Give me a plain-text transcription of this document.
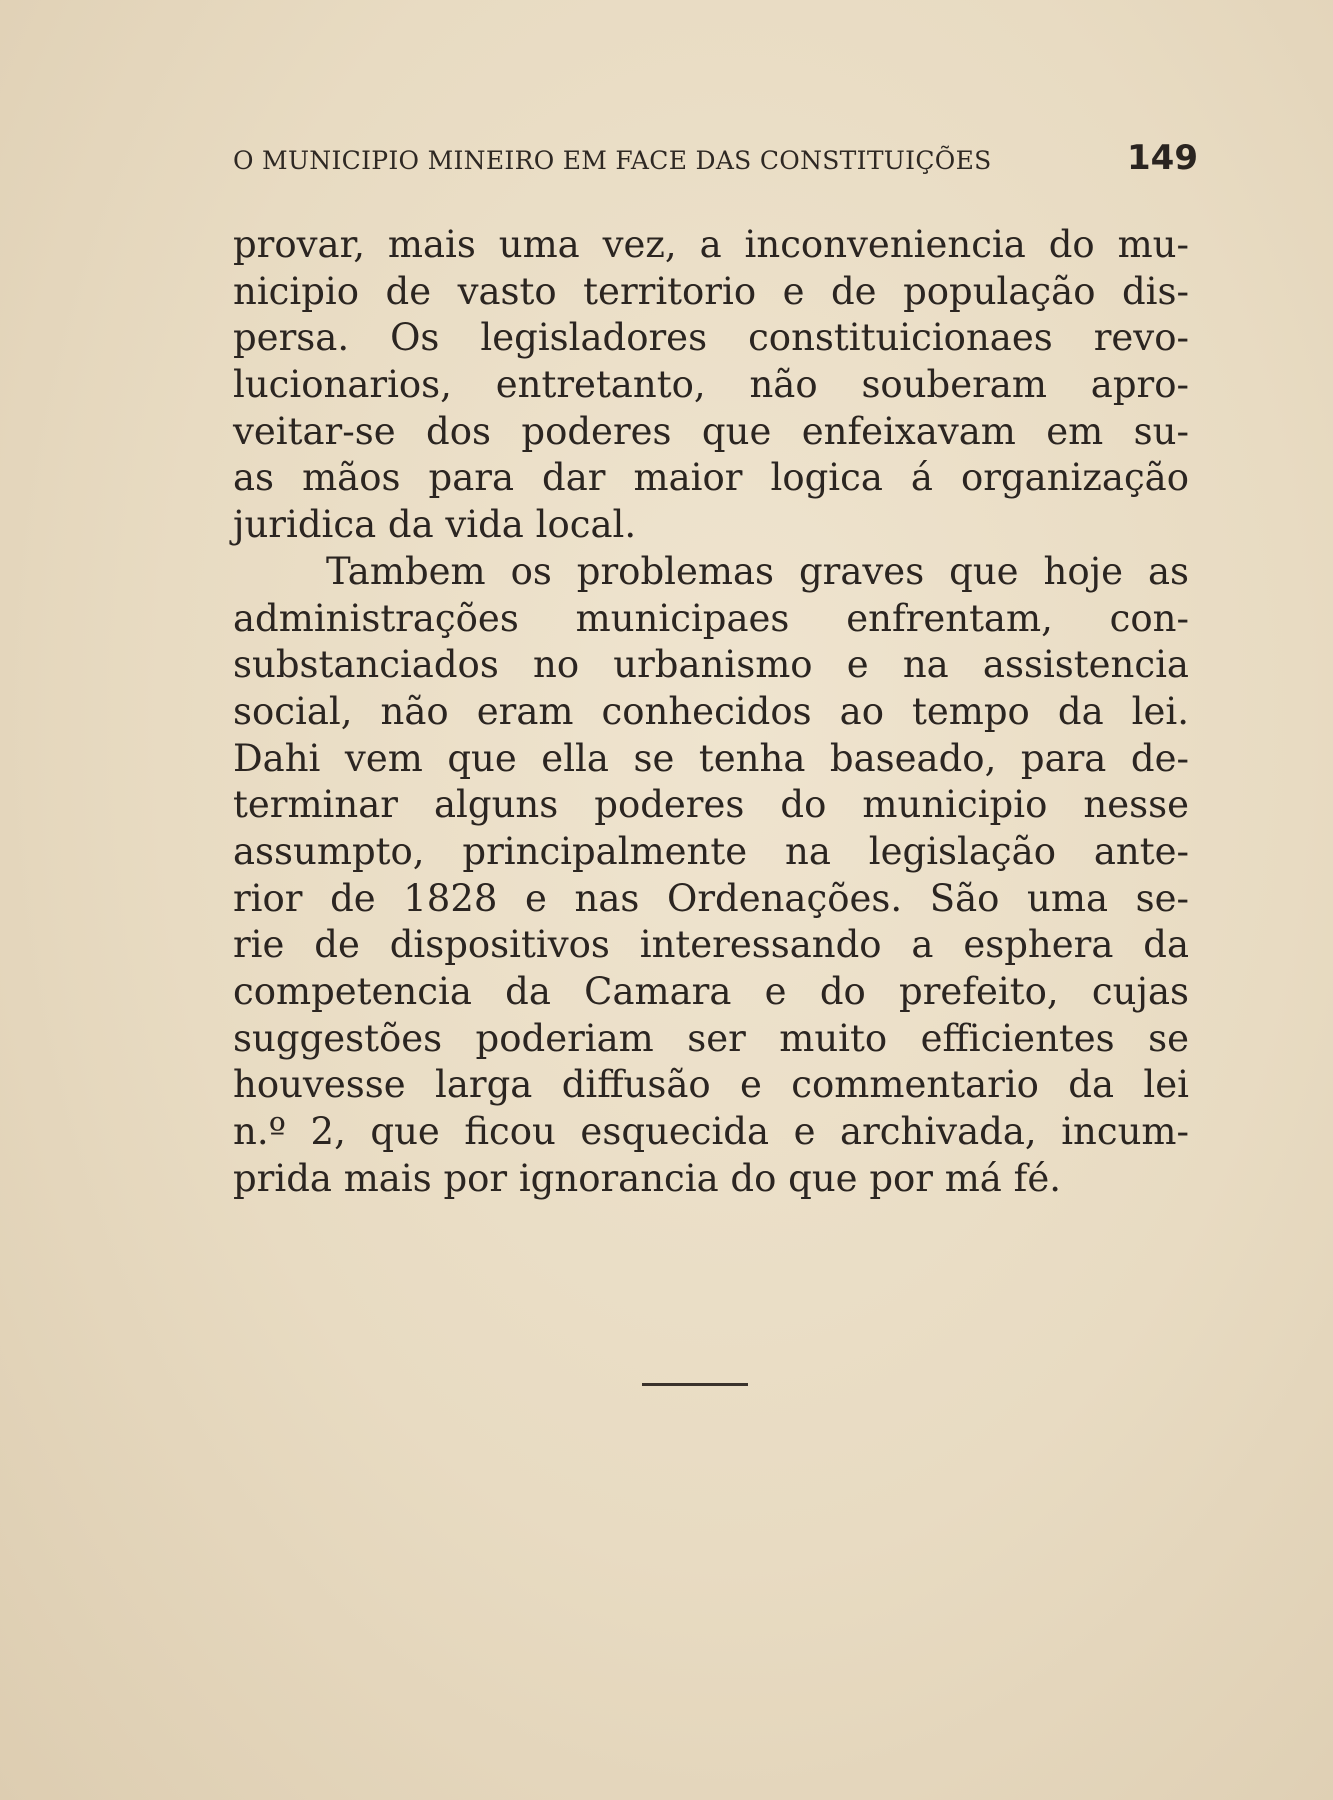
O MUNICIPIO MINEIRO EM FACE DAS CONSTITUIÇÕES	149
provar, mais uma vez, a inconveniencia do mu-
nicipio de vasto territorio e de população dis-
persa. Os legisladores constituicionaes revo-
lucionarios, entretanto, não souberam apro-
veitar-se dos poderes que enfeixavam em su-
as mãos para dar maior logica á organização
juridica da vida local.
Tambem os problemas graves que hoje as
administrações municipaes enfrentam, con-
substanciados no urbanismo e na assistencia
social, não eram conhecidos ao tempo da lei.
Dahi vem que ella se tenha baseado, para de-
terminar alguns poderes do municipio nesse
assumpto, principalmente na legislação ante-
rior de 1828 e nas Ordenações. São uma se-
rie de dispositivos interessando a esphera da
competencia da Camara e do prefeito, cujas
suggestões poderiam ser muito efficientes se
houvesse larga diffusão e commentario da lei
n.º 2, que ficou esquecida e archivada, incum-
prida mais por ignorancia do que por má fé.
